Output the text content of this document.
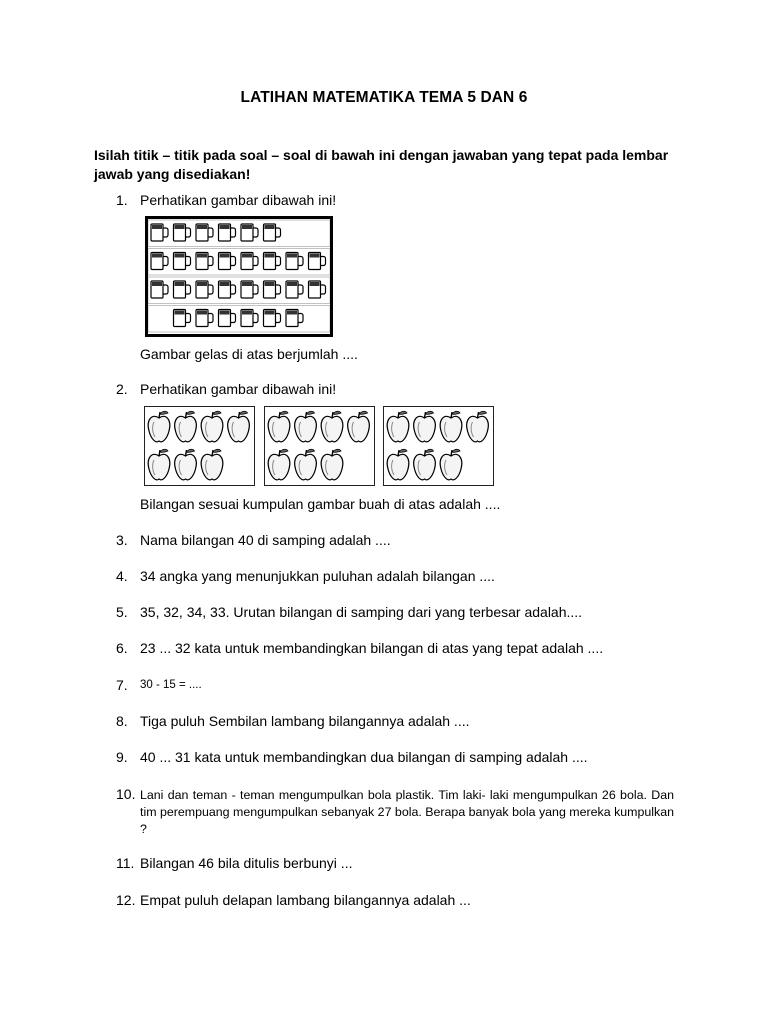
LATIHAN MATEMATIKA TEMA 5 DAN 6
Isilah titik – titik pada soal – soal di bawah ini dengan jawaban yang tepat pada lembar jawab yang disediakan!
1. Perhatikan gambar dibawah ini!
Gambar gelas di atas berjumlah ....
2. Perhatikan gambar dibawah ini!
Bilangan sesuai kumpulan gambar buah di atas adalah ....
3. Nama bilangan 40 di samping adalah ....
4. 34 angka yang menunjukkan puluhan adalah bilangan ....
5. 35, 32, 34, 33. Urutan bilangan di samping dari yang terbesar adalah....
6. 23 ... 32 kata untuk membandingkan bilangan di atas yang tepat adalah ....
7. 30 - 15 = ....
8. Tiga puluh Sembilan lambang bilangannya adalah ....
9. 40 ... 31 kata untuk membandingkan dua bilangan di samping adalah ....
10. Lani dan teman - teman mengumpulkan bola plastik. Tim laki- laki mengumpulkan 26 bola. Dan tim perempuang mengumpulkan sebanyak 27 bola. Berapa banyak bola yang mereka kumpulkan ?
11. Bilangan 46 bila ditulis berbunyi ...
12. Empat puluh delapan lambang bilangannya adalah ...
